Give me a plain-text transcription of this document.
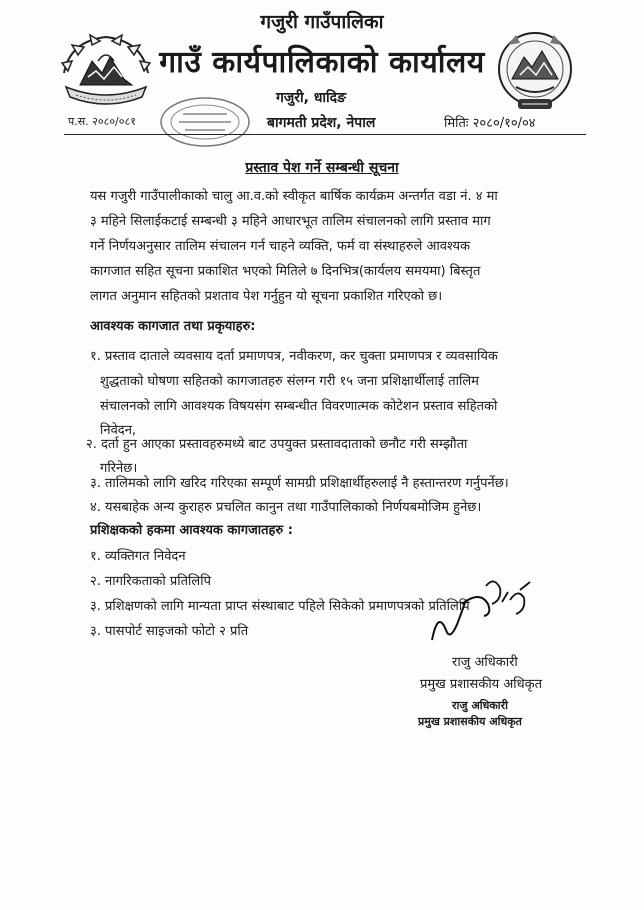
गजुरी गाउँपालिका
गाउँ कार्यपालिकाको कार्यालय
गजुरी, धादिङ
बागमती प्रदेश, नेपाल
प.स. २०८०/०८१	मितिः २०८०/१०/०४
प्रस्ताव पेश गर्ने सम्बन्धी सूचना
यस गजुरी गाउँपालीकाको चालु आ.व.को स्वीकृत बार्षिक कार्यक्रम अन्तर्गत वडा नं. ४ मा
३ महिने सिलाईकटाई सम्बन्धी ३ महिने आधारभूत तालिम संचालनको लागि प्रस्ताव माग
गर्ने निर्णयअनुसार तालिम संचालन गर्न चाहने व्यक्ति, फर्म वा संस्थाहरुले आवश्यक
कागजात सहित सूचना प्रकाशित भएको मितिले ७ दिनभित्र(कार्यलय समयमा) बिस्तृत
लागत अनुमान सहितको प्रशताव पेश गर्नुहुन यो सूचना प्रकाशित गरिएको छ।
आवश्यक कागजात तथा प्रकृयाहरु:
१. प्रस्ताव दाताले व्यवसाय दर्ता प्रमाणपत्र, नवीकरण, कर चुक्ता प्रमाणपत्र र व्यवसायिक
शुद्धताको घोषणा सहितको कागजातहरु संलग्न गरी १५ जना प्रशिक्षार्थीलाई तालिम
संचालनको लागि आवश्यक विषयसंग सम्बन्धीत विवरणात्मक कोटेशन प्रस्ताव सहितको
निवेदन,
२. दर्ता हुन आएका प्रस्तावहरुमध्ये बाट उपयुक्त प्रस्तावदाताको छनौट गरी सम्झौता
गरिनेछ।
३. तालिमको लागि खरिद गरिएका सम्पूर्ण सामग्री प्रशिक्षार्थीहरुलाई नै हस्तान्तरण गर्नुपर्नेछ।
४. यसबाहेक अन्य कुराहरु प्रचलित कानुन तथा गाउँपालिकाको निर्णयबमोजिम हुनेछ।
प्रशिक्षकको हकमा आवश्यक कागजातहरु :
१. व्यक्तिगत निवेदन
२. नागरिकताको प्रतिलिपि
३. प्रशिक्षणको लागि मान्यता प्राप्त संस्थाबाट पहिले सिकेको प्रमाणपत्रको प्रतिलिपि
३. पासपोर्ट साइजको फोटो २ प्रति
राजु अधिकारी
प्रमुख प्रशासकीय अधिकृत
राजु अधिकारी
प्रमुख प्रशासकीय अधिकृत
